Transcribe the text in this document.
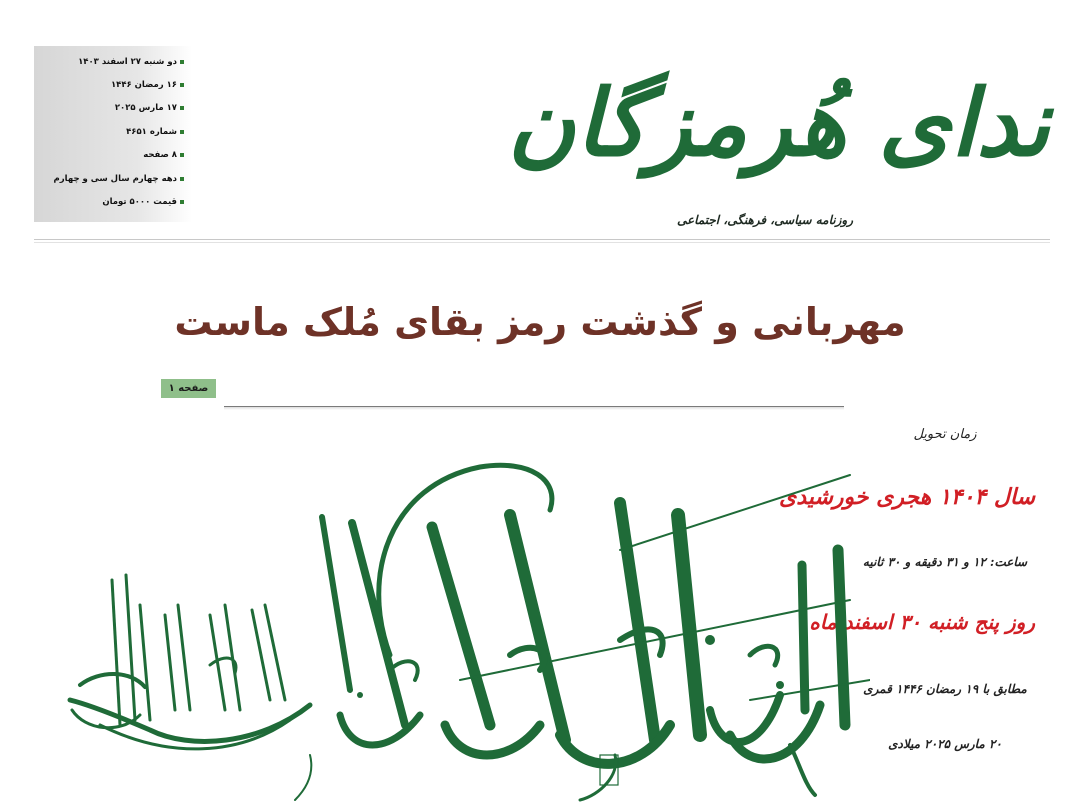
دو شنبه ۲۷ اسفند ۱۴۰۳
۱۶ رمضان ۱۴۴۶
۱۷ مارس ۲۰۲۵
شماره ۴۶۵۱
۸ صفحه
دهه چهارم سال سی و چهارم
قیمت ۵۰۰۰ تومان
ندای هُرمزگان
روزنامه سیاسی، فرهنگی، اجتماعی
مهربانی و گذشت رمز بقای مُلک ماست
صفحه ۱
زمان تحویل
سال ۱۴۰۴ هجری خورشیدی
ساعت: ۱۲ و ۳۱ دقیقه و ۳۰ ثانیه
روز پنج شنبه ۳۰ اسفند ماه
مطابق با ۱۹ رمضان ۱۴۴۶ قمری
۲۰ مارس ۲۰۲۵ میلادی
